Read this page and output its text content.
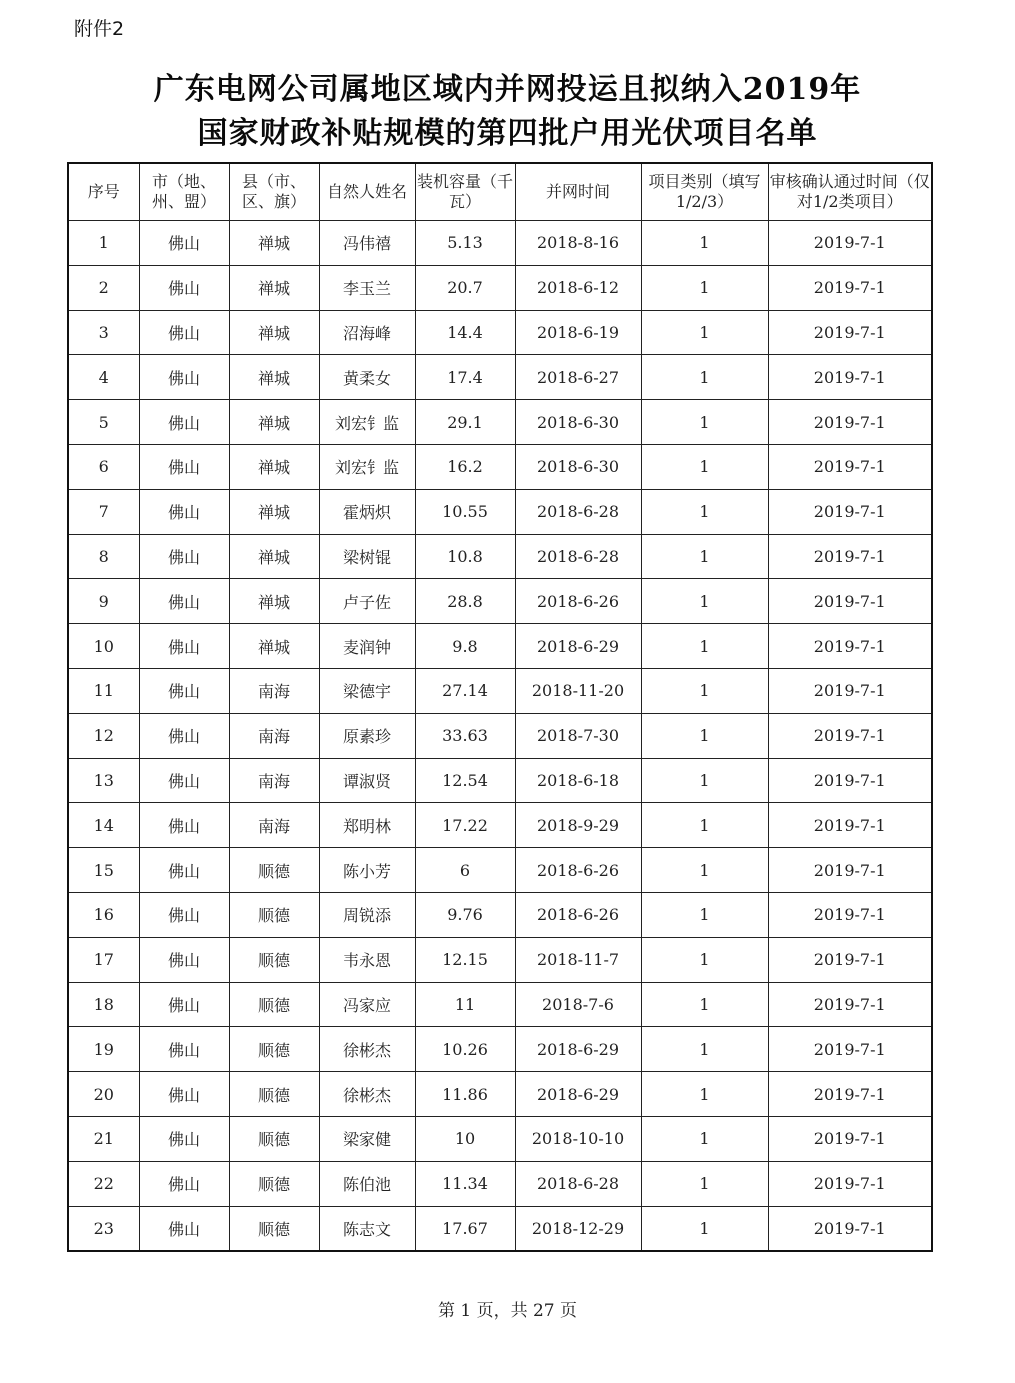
附件2
广东电网公司属地区域内并网投运且拟纳入2019年
国家财政补贴规模的第四批户用光伏项目名单
序号	市（地、州、盟）	县（市、区、旗）	自然人姓名	装机容量（千瓦）	并网时间	项目类别（填写1/2/3）	审核确认通过时间（仅对1/2类项目）
1	佛山	禅城	冯伟禧	5.13	2018-8-16	1	2019-7-1
2	佛山	禅城	李玉兰	20.7	2018-6-12	1	2019-7-1
3	佛山	禅城	沼海峰	14.4	2018-6-19	1	2019-7-1
4	佛山	禅城	黄柔女	17.4	2018-6-27	1	2019-7-1
5	佛山	禅城	刘宏钅监	29.1	2018-6-30	1	2019-7-1
6	佛山	禅城	刘宏钅监	16.2	2018-6-30	1	2019-7-1
7	佛山	禅城	霍炳炽	10.55	2018-6-28	1	2019-7-1
8	佛山	禅城	梁树锟	10.8	2018-6-28	1	2019-7-1
9	佛山	禅城	卢子佐	28.8	2018-6-26	1	2019-7-1
10	佛山	禅城	麦润钟	9.8	2018-6-29	1	2019-7-1
11	佛山	南海	梁德宇	27.14	2018-11-20	1	2019-7-1
12	佛山	南海	原素珍	33.63	2018-7-30	1	2019-7-1
13	佛山	南海	谭淑贤	12.54	2018-6-18	1	2019-7-1
14	佛山	南海	郑明林	17.22	2018-9-29	1	2019-7-1
15	佛山	顺德	陈小芳	6	2018-6-26	1	2019-7-1
16	佛山	顺德	周锐添	9.76	2018-6-26	1	2019-7-1
17	佛山	顺德	韦永恩	12.15	2018-11-7	1	2019-7-1
18	佛山	顺德	冯家应	11	2018-7-6	1	2019-7-1
19	佛山	顺德	徐彬杰	10.26	2018-6-29	1	2019-7-1
20	佛山	顺德	徐彬杰	11.86	2018-6-29	1	2019-7-1
21	佛山	顺德	梁家健	10	2018-10-10	1	2019-7-1
22	佛山	顺德	陈伯池	11.34	2018-6-28	1	2019-7-1
23	佛山	顺德	陈志文	17.67	2018-12-29	1	2019-7-1
第 1 页，共 27 页
